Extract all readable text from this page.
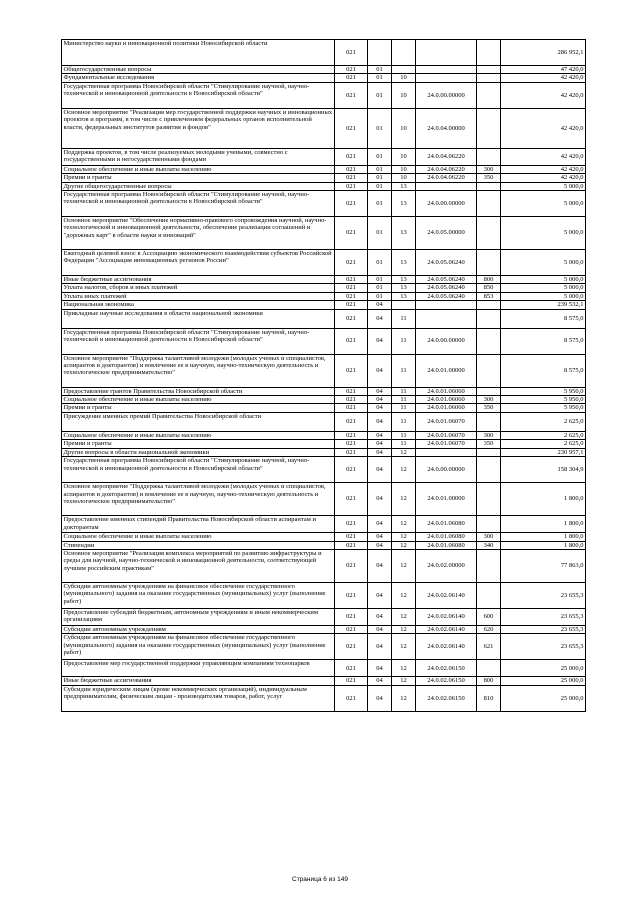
Министерство науки и инновационной политики Новосибирской области	021					286 952,1
Общегосударственные вопросы	021	01				47 420,0
Фундаментальные исследования	021	01	10			42 420,0
Государственная программа Новосибирской области "Стимулирование научной, научно-технической и инновационной деятельности в Новосибирской области"	021	01	10	24.0.00.00000		42 420,0
Основное мероприятие "Реализация мер государственной поддержки научных и инновационных проектов и программ, в том числе с привлечением федеральных органов исполнительной власти, федеральных институтов развития и фондов"	021	01	10	24.0.04.00000		42 420,0
Поддержка проектов, в том числе реализуемых молодыми учеными, совместно с государственными и негосударственными фондами	021	01	10	24.0.04.06220		42 420,0
Социальное обеспечение и иные выплаты населению	021	01	10	24.0.04.06220	300	42 420,0
Премии и гранты	021	01	10	24.0.04.06220	350	42 420,0
Другие общегосударственные вопросы	021	01	13			5 000,0
Государственная программа Новосибирской области "Стимулирование научной, научно-технической и инновационной деятельности в Новосибирской области"	021	01	13	24.0.00.00000		5 000,0
Основное мероприятие "Обеспечение нормативно-правового сопровождения научной, научно-технологической и инновационной деятельности, обеспечение реализации соглашений и "дорожных карт" в области науки и инноваций"	021	01	13	24.0.05.00000		5 000,0
Ежегодный целевой взнос в Ассоциацию экономического взаимодействия субъектов Российской Федерации "Ассоциация инновационных регионов России"	021	01	13	24.0.05.06240		5 000,0
Иные бюджетные ассигнования	021	01	13	24.0.05.06240	800	5 000,0
Уплата налогов, сборов и иных платежей	021	01	13	24.0.05.06240	850	5 000,0
Уплата иных платежей	021	01	13	24.0.05.06240	853	5 000,0
Национальная экономика	021	04				239 532,1
Прикладные научные исследования в области национальной экономики	021	04	11			8 575,0
Государственная программа Новосибирской области "Стимулирование научной, научно-технической и инновационной деятельности в Новосибирской области"	021	04	11	24.0.00.00000		8 575,0
Основное мероприятие "Поддержка талантливой молодежи (молодых ученых и специалистов, аспирантов и докторантов) и вовлечение ее в научную, научно-техническую деятельность и технологическое предпринимательство"	021	04	11	24.0.01.00000		8 575,0
Предоставление грантов Правительства Новосибирской области	021	04	11	24.0.01.06060		5 950,0
Социальное обеспечение и иные выплаты населению	021	04	11	24.0.01.06060	300	5 950,0
Премии и гранты	021	04	11	24.0.01.06060	350	5 950,0
Присуждение именных премий Правительства Новосибирской области	021	04	11	24.0.01.06070		2 625,0
Социальное обеспечение и иные выплаты населению	021	04	11	24.0.01.06070	300	2 625,0
Премии и гранты	021	04	11	24.0.01.06070	350	2 625,0
Другие вопросы в области национальной экономики	021	04	12			230 957,1
Государственная программа Новосибирской области "Стимулирование научной, научно-технической и инновационной деятельности в Новосибирской области"	021	04	12	24.0.00.00000		158 304,9
Основное мероприятие "Поддержка талантливой молодежи (молодых ученых и специалистов, аспирантов и докторантов) и вовлечение ее в научную, научно-техническую деятельность и технологическое предпринимательство"	021	04	12	24.0.01.00000		1 800,0
Предоставление именных стипендий Правительства Новосибирской области аспирантам и докторантам	021	04	12	24.0.01.06080		1 800,0
Социальное обеспечение и иные выплаты населению	021	04	12	24.0.01.06080	300	1 800,0
Стипендии	021	04	12	24.0.01.06080	340	1 800,0
Основное мероприятие "Реализация комплекса мероприятий по развитию инфраструктуры и среды для научной, научно-технической и инновационной деятельности, соответствующей лучшим российским практикам"	021	04	12	24.0.02.00000		77 863,0
Субсидии автономным учреждениям на финансовое обеспечение государственного (муниципального) задания на оказание государственных (муниципальных) услуг (выполнение работ)	021	04	12	24.0.02.06140		23 655,3
Предоставление субсидий бюджетным, автономным учреждениям и иным некоммерческим организациям	021	04	12	24.0.02.06140	600	23 655,3
Субсидии автономным учреждениям	021	04	12	24.0.02.06140	620	23 655,3
Субсидии автономным учреждениям на финансовое обеспечение государственного (муниципального) задания на оказание государственных (муниципальных) услуг (выполнение работ)	021	04	12	24.0.02.06140	621	23 655,3
Предоставление мер государственной поддержки управляющим компаниям технопарков	021	04	12	24.0.02.06150		25 000,0
Иные бюджетные ассигнования	021	04	12	24.0.02.06150	800	25 000,0
Субсидии юридическим лицам (кроме некоммерческих организаций), индивидуальным предпринимателям, физическим лицам - производителям товаров, работ, услуг	021	04	12	24.0.02.06150	810	25 000,0
Страница 6 из 149
